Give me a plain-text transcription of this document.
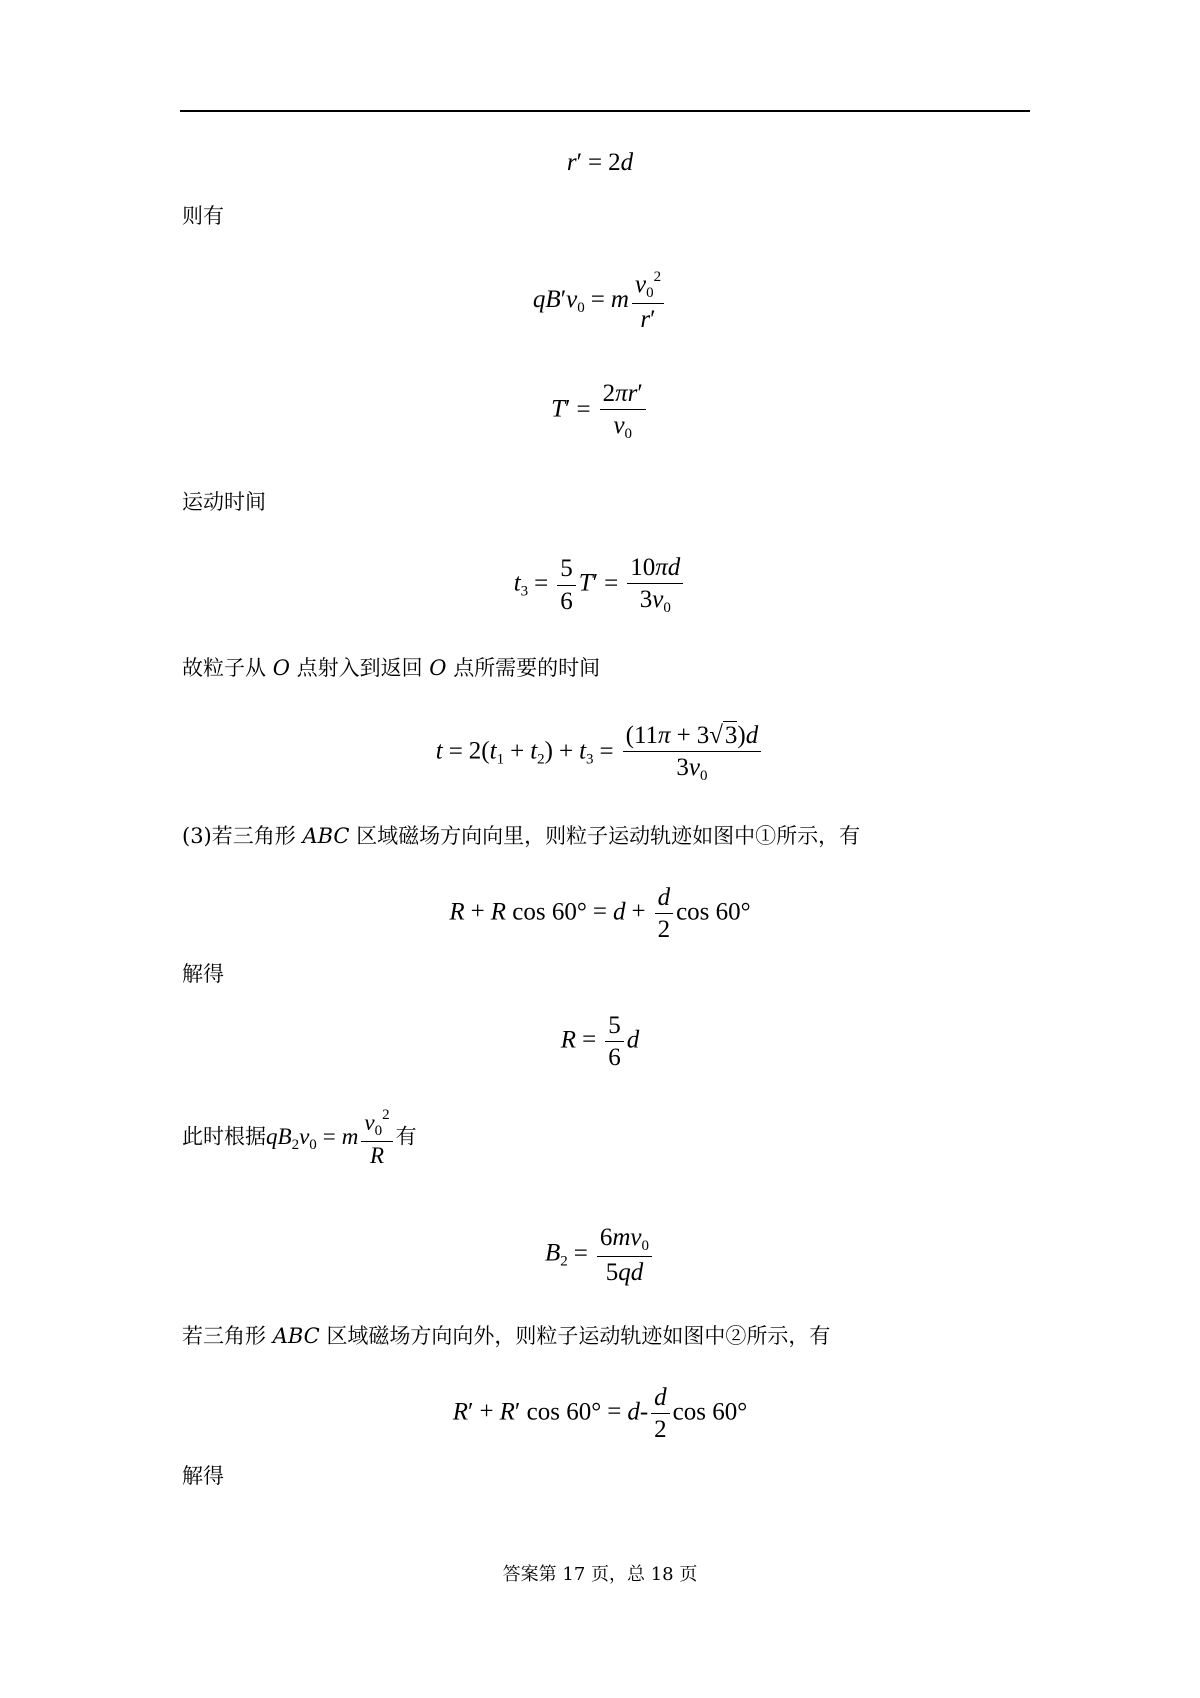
r′ = 2d
则有
$qB'v_0 = m \frac{v_0^2}{r'}$
$T' = \frac{2\pi r'}{v_0}$
运动时间
$t_3 = \frac{5}{6} T' = \frac{10\pi d}{3v_0}$
故粒子从 O 点射入到返回 O 点所需要的时间
$t = 2(t_1 + t_2) + t_3 = \frac{(11\pi + 3√3)d}{3v_0}$
(3)若三角形 ABC 区域磁场方向向里，则粒子运动轨迹如图中①所示，有
R + R $\cos 60^\circ = d + \frac{d}{2}$ cos 60°
解得
$R = \frac{5}{6}$ d
此时根据$qB_2v_0 = m \frac{v_0^2}{R}$ 有
$B_2 = \frac{6mv_0}{5qd}$
若三角形 ABC 区域磁场方向向外，则粒子运动轨迹如图中②所示，有
R′ + R′ $\cos 60^\circ = d- \frac{d}{2}$ cos 60°
解得
答案第 17 页，总 18 页
